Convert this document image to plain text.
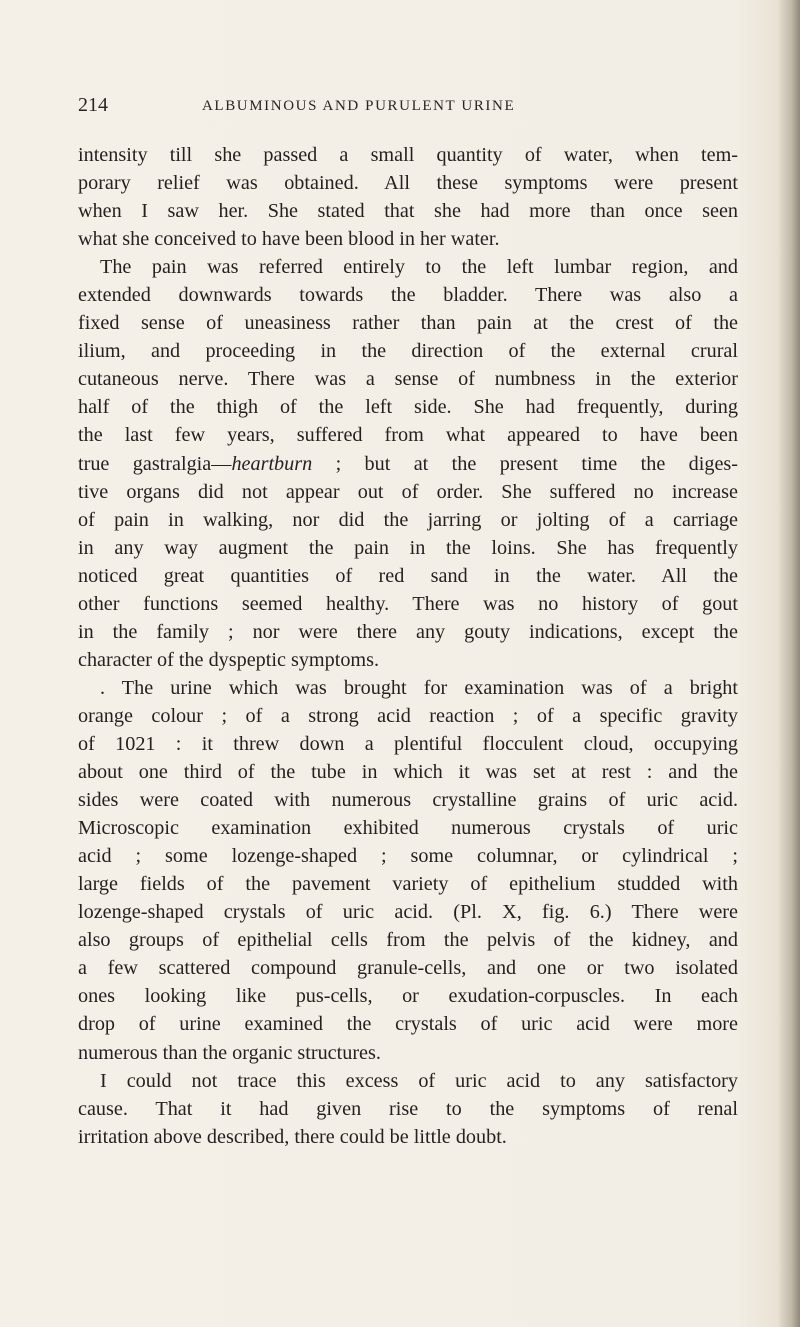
214	ALBUMINOUS AND PURULENT URINE
intensity till she passed a small quantity of water, when tem-
porary relief was obtained. All these symptoms were present
when I saw her. She stated that she had more than once seen
what she conceived to have been blood in her water.
The pain was referred entirely to the left lumbar region, and
extended downwards towards the bladder. There was also a
fixed sense of uneasiness rather than pain at the crest of the
ilium, and proceeding in the direction of the external crural
cutaneous nerve. There was a sense of numbness in the exterior
half of the thigh of the left side. She had frequently, during
the last few years, suffered from what appeared to have been
true gastralgia—heartburn ; but at the present time the diges-
tive organs did not appear out of order. She suffered no increase
of pain in walking, nor did the jarring or jolting of a carriage
in any way augment the pain in the loins. She has frequently
noticed great quantities of red sand in the water. All the
other functions seemed healthy. There was no history of gout
in the family ; nor were there any gouty indications, except the
character of the dyspeptic symptoms.
. The urine which was brought for examination was of a bright
orange colour ; of a strong acid reaction ; of a specific gravity
of 1021 : it threw down a plentiful flocculent cloud, occupying
about one third of the tube in which it was set at rest : and the
sides were coated with numerous crystalline grains of uric acid.
Microscopic examination exhibited numerous crystals of uric
acid ; some lozenge-shaped ; some columnar, or cylindrical ;
large fields of the pavement variety of epithelium studded with
lozenge-shaped crystals of uric acid. (Pl. X, fig. 6.) There were
also groups of epithelial cells from the pelvis of the kidney, and
a few scattered compound granule-cells, and one or two isolated
ones looking like pus-cells, or exudation-corpuscles. In each
drop of urine examined the crystals of uric acid were more
numerous than the organic structures.
I could not trace this excess of uric acid to any satisfactory
cause. That it had given rise to the symptoms of renal
irritation above described, there could be little doubt.
